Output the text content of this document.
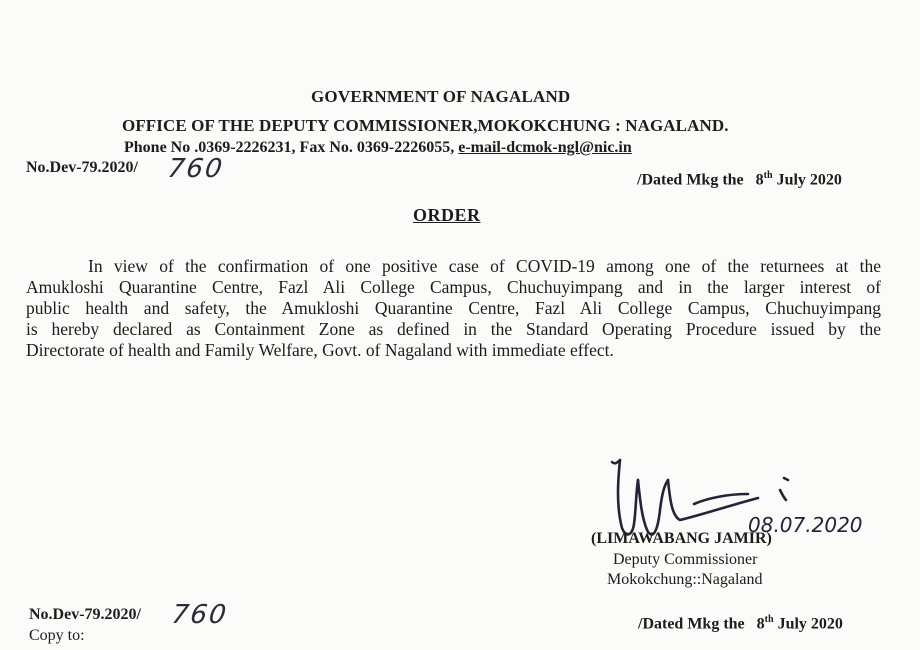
GOVERNMENT OF NAGALAND
OFFICE OF THE DEPUTY COMMISSIONER,MOKOKCHUNG : NAGALAND.
Phone No .0369-2226231, Fax No. 0369-2226055, e-mail-dcmok-ngl@nic.in
No.Dev-79.2020/ 760	/Dated Mkg the 8th July 2020
ORDER
In view of the confirmation of one positive case of COVID-19 among one of the returnees at the
Amukloshi Quarantine Centre, Fazl Ali College Campus, Chuchuyimpang and in the larger interest of
public health and safety, the Amukloshi Quarantine Centre, Fazl Ali College Campus, Chuchuyimpang
is hereby declared as Containment Zone as defined in the Standard Operating Procedure issued by the
Directorate of health and Family Welfare, Govt. of Nagaland with immediate effect.
08.07.2020
(LIMAWABANG JAMIR)
Deputy Commissioner
Mokokchung::Nagaland
No.Dev-79.2020/ 760	/Dated Mkg the 8th July 2020
Copy to:
